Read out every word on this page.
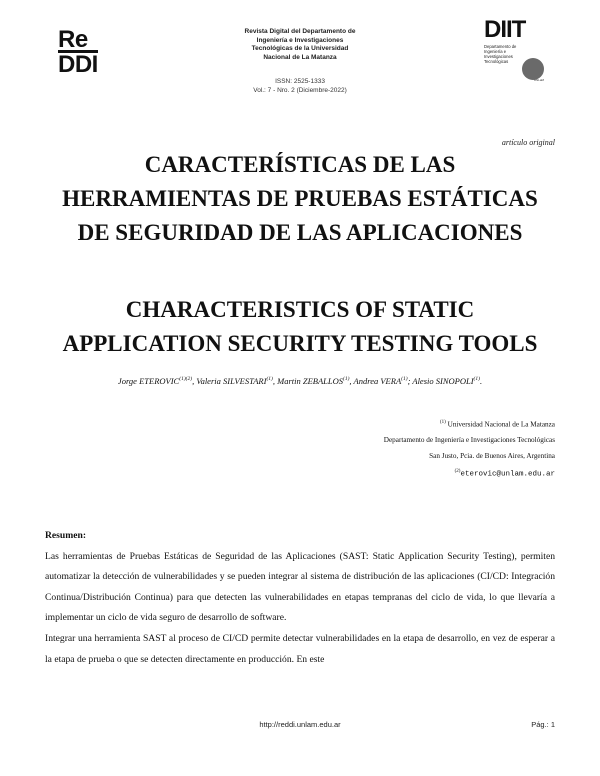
Re
DDI
Revista Digital del Departamento de
Ingeniería e Investigaciones
Tecnológicas de la Universidad
Nacional de La Matanza
ISSN: 2525-1333
Vol.: 7 - Nro. 2 (Diciembre-2022)
DIIT
Departamento de Ingeniería e Investigaciones Tecnológicas
UNLaM
artículo original
CARACTERÍSTICAS DE LAS
HERRAMIENTAS DE PRUEBAS ESTÁTICAS
DE SEGURIDAD DE LAS APLICACIONES
CHARACTERISTICS OF STATIC
APPLICATION SECURITY TESTING TOOLS
Jorge $ETEROVIC^{(1)(2)}$, Valeria SILVESTARI$^{(1)}$, Martin ZEBALLOS$^{(1)}$, Andrea VERA$^{(1)}$; Alesio SINOPOLI$^{(1)}$.
$^{(1)}$ Universidad Nacional de La Matanza
Departamento de Ingeniería e Investigaciones Tecnológicas
San Justo, Pcia. de Buenos Aires, Argentina
$^{(2)}$eterovic@unlam.edu.ar
Resumen:

Las herramientas de Pruebas Estáticas de Seguridad de las Aplicaciones (SAST: Static Application Security Testing), permiten automatizar la detección de vulnerabilidades y se pueden integrar al sistema de distribución de las aplicaciones (CI/CD: Integración Continua/Distribución Continua) para que detecten las vulnerabilidades en etapas tempranas del ciclo de vida, lo que llevaría a implementar un ciclo de vida seguro de desarrollo de software.

Integrar una herramienta SAST al proceso de CI/CD permite detectar vulnerabilidades en la etapa de desarrollo, en vez de esperar a la etapa de prueba o que se detecten directamente en producción. En este

http://reddi.unlam.edu.ar	Pág.: 1
